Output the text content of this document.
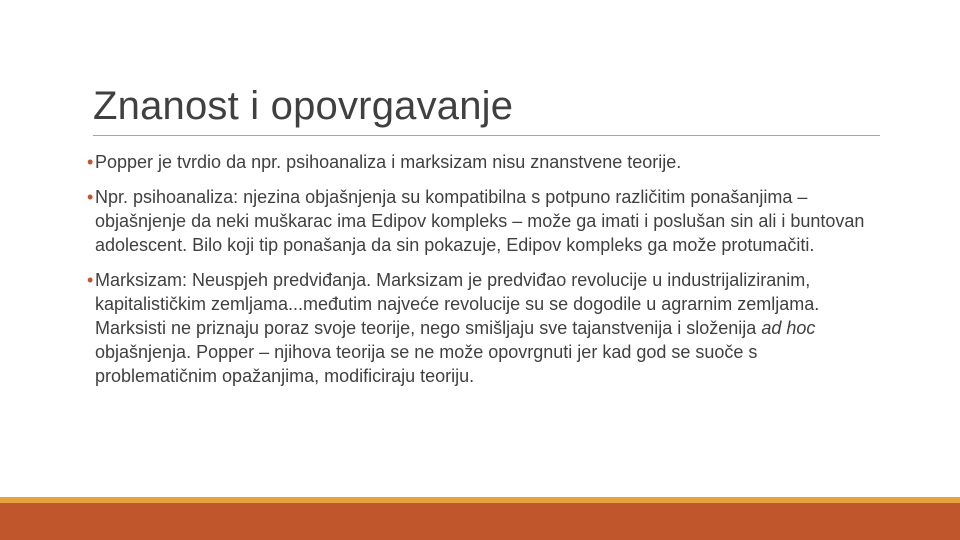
Znanost i opovrgavanje
• Popper je tvrdio da npr. psihoanaliza i marksizam nisu znanstvene teorije.
• Npr. psihoanaliza: njezina objašnjenja su kompatibilna s potpuno različitim ponašanjima – objašnjenje da neki muškarac ima Edipov kompleks – može ga imati i poslušan sin ali i buntovan adolescent. Bilo koji tip ponašanja da sin pokazuje, Edipov kompleks ga može protumačiti.
• Marksizam: Neuspjeh predviđanja. Marksizam je predviđao revolucije u industrijaliziranim, kapitalističkim zemljama...međutim najveće revolucije su se dogodile u agrarnim zemljama. Marksisti ne priznaju poraz svoje teorije, nego smišljaju sve tajanstvenija i složenija ad hoc objašnjenja. Popper – njihova teorija se ne može opovrgnuti jer kad god se suoče s problematičnim opažanjima, modificiraju teoriju.
